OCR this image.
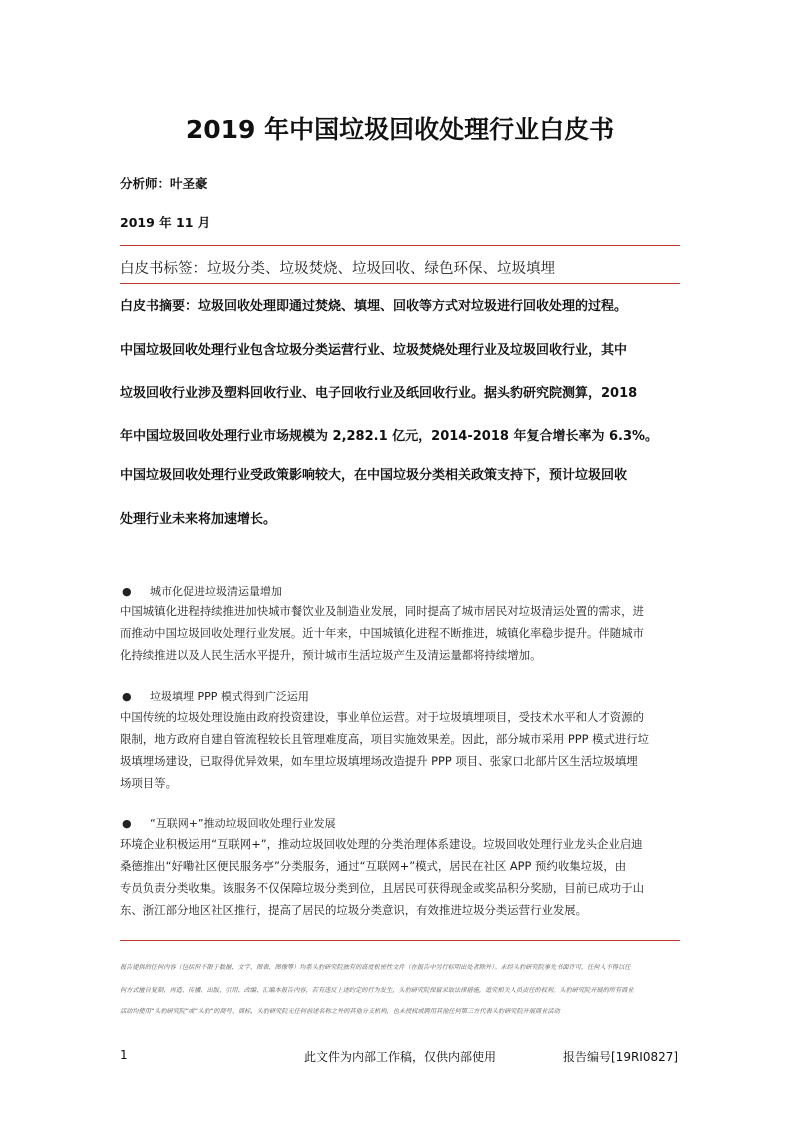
2019 年中国垃圾回收处理行业白皮书
分析师：叶圣豪
2019 年 11 月
白皮书标签：垃圾分类、垃圾焚烧、垃圾回收、绿色环保、垃圾填埋
白皮书摘要：垃圾回收处理即通过焚烧、填埋、回收等方式对垃圾进行回收处理的过程。
中国垃圾回收处理行业包含垃圾分类运营行业、垃圾焚烧处理行业及垃圾回收行业，其中
垃圾回收行业涉及塑料回收行业、电子回收行业及纸回收行业。据头豹研究院测算，2018
年中国垃圾回收处理行业市场规模为 2,282.1 亿元，2014-2018 年复合增长率为 6.3%。
中国垃圾回收处理行业受政策影响较大，在中国垃圾分类相关政策支持下，预计垃圾回收
处理行业未来将加速增长。
● 城市化促进垃圾清运量增加
中国城镇化进程持续推进加快城市餐饮业及制造业发展，同时提高了城市居民对垃圾清运处置的需求，进
而推动中国垃圾回收处理行业发展。近十年来，中国城镇化进程不断推进，城镇化率稳步提升。伴随城市
化持续推进以及人民生活水平提升，预计城市生活垃圾产生及清运量都将持续增加。
● 垃圾填埋 PPP 模式得到广泛运用
中国传统的垃圾处理设施由政府投资建设，事业单位运营。对于垃圾填埋项目，受技术水平和人才资源的
限制，地方政府自建自管流程较长且管理难度高，项目实施效果差。因此，部分城市采用 PPP 模式进行垃
圾填埋场建设，已取得优异效果，如车里垃圾填埋场改造提升 PPP 项目、张家口北部片区生活垃圾填埋
场项目等。
● “互联网+”推动垃圾回收处理行业发展
环境企业积极运用“互联网+”，推动垃圾回收处理的分类治理体系建设。垃圾回收处理行业龙头企业启迪
桑德推出“好嘞社区便民服务亭”分类服务，通过“互联网+”模式，居民在社区 APP 预约收集垃圾，由
专员负责分类收集。该服务不仅保障垃圾分类到位，且居民可获得现金或奖品积分奖励，目前已成功于山
东、浙江部分地区社区推行，提高了居民的垃圾分类意识，有效推进垃圾分类运营行业发展。
报告提供的任何内容（包括但不限于数据、文字、图表、图像等）均系头豹研究院独有的高度机密性文件（在报告中另行标明出处者除外）。未经头豹研究院事先书面许可，任何人不得以任
何方式擅自复制、再造、传播、出版、引用、改编、汇编本报告内容，若有违反上述约定的行为发生，头豹研究院保留采取法律措施，追究相关人员责任的权利。头豹研究院开展的所有商业
活动均使用“头豹研究院”或“头豹”的商号、商标，头豹研究院无任何前述名称之外的其他分支机构，也未授权或聘用其他任何第三方代表头豹研究院开展商业活动
1	此文件为内部工作稿，仅供内部使用	报告编号[19RI0827]
